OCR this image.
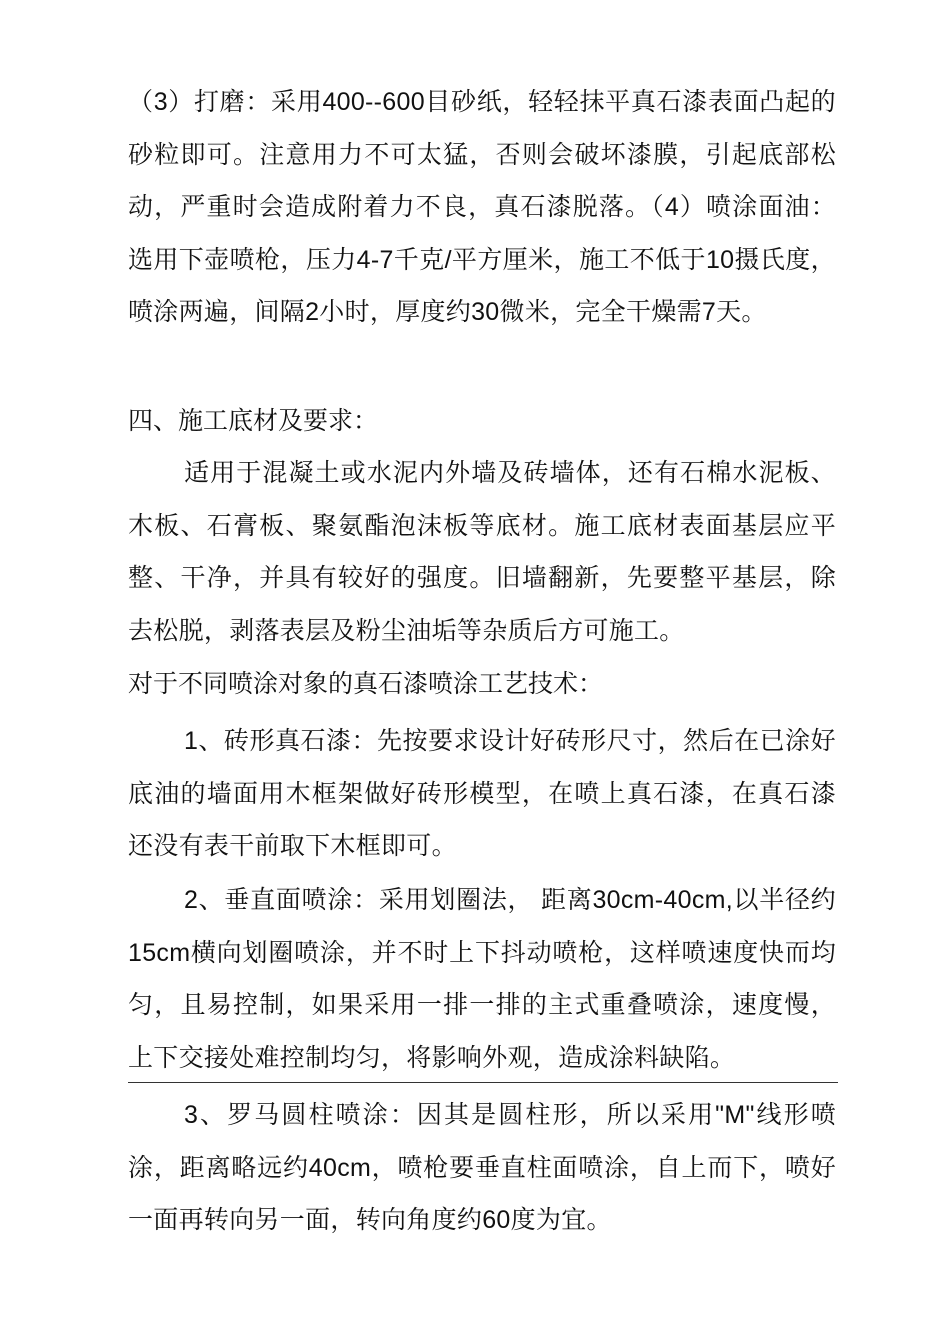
（3）打磨：采用400--600目砂纸，轻轻抹平真石漆表面凸起的砂粒即可。注意用力不可太猛，否则会破坏漆膜，引起底部松动，严重时会造成附着力不良，真石漆脱落。（4）喷涂面油：选用下壶喷枪，压力4-7千克/平方厘米，施工不低于10摄氏度，喷涂两遍，间隔2小时，厚度约30微米，完全干燥需7天。

四、施工底材及要求：

适用于混凝土或水泥内外墙及砖墙体，还有石棉水泥板、木板、石膏板、聚氨酯泡沫板等底材。施工底材表面基层应平整、干净，并具有较好的强度。旧墙翻新，先要整平基层，除去松脱，剥落表层及粉尘油垢等杂质后方可施工。

对于不同喷涂对象的真石漆喷涂工艺技术：

1、砖形真石漆：先按要求设计好砖形尺寸，然后在已涂好底油的墙面用木框架做好砖形模型，在喷上真石漆，在真石漆还没有表干前取下木框即可。

2、垂直面喷涂：采用划圈法， 距离30cm-40cm,以半径约15cm横向划圈喷涂，并不时上下抖动喷枪，这样喷速度快而均匀，且易控制，如果采用一排一排的主式重叠喷涂，速度慢，上下交接处难控制均匀，将影响外观，造成涂料缺陷。

3、罗马圆柱喷涂：因其是圆柱形，所以采用"M"线形喷涂，距离略远约40cm，喷枪要垂直柱面喷涂，自上而下，喷好一面再转向另一面，转向角度约60度为宜。
